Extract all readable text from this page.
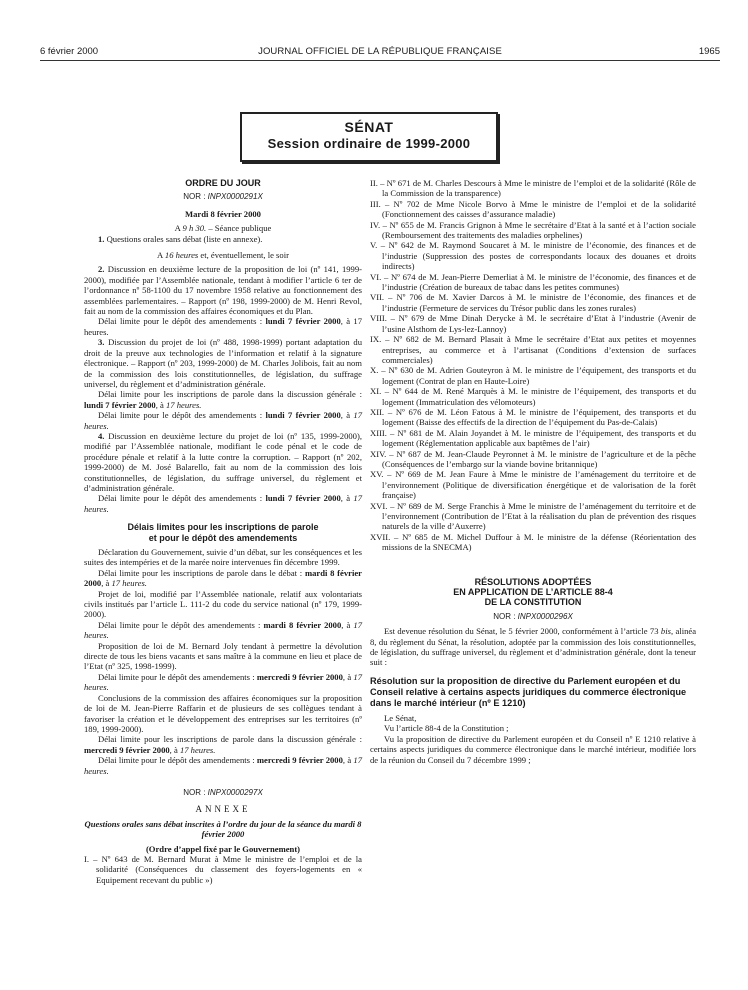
6 février 2000	JOURNAL OFFICIEL DE LA RÉPUBLIQUE FRANÇAISE	1965
SÉNAT
Session ordinaire de 1999-2000
ORDRE DU JOUR
NOR : INPX0000291X

Mardi 8 février 2000

A 9 h 30. – Séance publique

1. Questions orales sans débat (liste en annexe).

A 16 heures et, éventuellement, le soir

2. Discussion en deuxième lecture de la proposition de loi (nº 141, 1999-2000), modifiée par l’Assemblée nationale, tendant à modifier l’article 6 ter de l’ordonnance nº 58-1100 du 17 novembre 1958 relative au fonctionnement des assemblées parlementaires. – Rapport (nº 198, 1999-2000) de M. Henri Revol, fait au nom de la commission des affaires économiques et du Plan.

Délai limite pour le dépôt des amendements : lundi 7 février 2000, à 17 heures.

3. Discussion du projet de loi (nº 488, 1998-1999) portant adaptation du droit de la preuve aux technologies de l’information et relatif à la signature électronique. – Rapport (nº 203, 1999-2000) de M. Charles Jolibois, fait au nom de la commission des lois constitutionnelles, de législation, du suffrage universel, du règlement et d’administration générale.

Délai limite pour les inscriptions de parole dans la discussion générale : lundi 7 février 2000, à 17 heures.

Délai limite pour le dépôt des amendements : lundi 7 février 2000, à 17 heures.

4. Discussion en deuxième lecture du projet de loi (nº 135, 1999-2000), modifié par l’Assemblée nationale, modifiant le code pénal et le code de procédure pénale et relatif à la lutte contre la corruption. – Rapport (nº 202, 1999-2000) de M. José Balarello, fait au nom de la commission des lois constitutionnelles, de législation, du suffrage universel, du règlement et d’administration générale.

Délai limite pour le dépôt des amendements : lundi 7 février 2000, à 17 heures.

Délais limites pour les inscriptions de parole
et pour le dépôt des amendements

Déclaration du Gouvernement, suivie d’un débat, sur les conséquences et les suites des intempéries et de la marée noire intervenues fin décembre 1999.

Délai limite pour les inscriptions de parole dans le débat : mardi 8 février 2000, à 17 heures.

Projet de loi, modifié par l’Assemblée nationale, relatif aux volontariats civils institués par l’article L. 111-2 du code du service national (nº 179, 1999-2000).

Délai limite pour le dépôt des amendements : mardi 8 février 2000, à 17 heures.

Proposition de loi de M. Bernard Joly tendant à permettre la dévolution directe de tous les biens vacants et sans maître à la commune en lieu et place de l’Etat (nº 325, 1998-1999).

Délai limite pour le dépôt des amendements : mercredi 9 février 2000, à 17 heures.

Conclusions de la commission des affaires économiques sur la proposition de loi de M. Jean-Pierre Raffarin et de plusieurs de ses collègues tendant à favoriser la création et le développement des entreprises sur les territoires (nº 189, 1999-2000).

Délai limite pour les inscriptions de parole dans la discussion générale : mercredi 9 février 2000, à 17 heures.

Délai limite pour le dépôt des amendements : mercredi 9 février 2000, à 17 heures.

NOR : INPX0000297X
ANNEXE

Questions orales sans débat inscrites à l’ordre du jour de la séance du mardi 8 février 2000

(Ordre d’appel fixé par le Gouvernement)

I. – Nº 643 de M. Bernard Murat à Mme le ministre de l’emploi et de la solidarité (Conséquences du classement des foyers-logements en « Equipement recevant du public »)

II. – Nº 671 de M. Charles Descours à Mme le ministre de l’emploi et de la solidarité (Rôle de la Commission de la transparence)

III. – Nº 702 de Mme Nicole Borvo à Mme le ministre de l’emploi et de la solidarité (Fonctionnement des caisses d’assurance maladie)

IV. – Nº 655 de M. Francis Grignon à Mme le secrétaire d’Etat à la santé et à l’action sociale (Remboursement des traitements des maladies orphelines)

V. – Nº 642 de M. Raymond Soucaret à M. le ministre de l’économie, des finances et de l’industrie (Suppression des postes de correspondants locaux des douanes et droits indirects)

VI. – Nº 674 de M. Jean-Pierre Demerliat à M. le ministre de l’économie, des finances et de l’industrie (Création de bureaux de tabac dans les petites communes)

VII. – Nº 706 de M. Xavier Darcos à M. le ministre de l’économie, des finances et de l’industrie (Fermeture de services du Trésor public dans les zones rurales)

VIII. – Nº 679 de Mme Dinah Derycke à M. le secrétaire d’Etat à l’industrie (Avenir de l’usine Alsthom de Lys-lez-Lannoy)

IX. – Nº 682 de M. Bernard Plasait à Mme le secrétaire d’Etat aux petites et moyennes entreprises, au commerce et à l’artisanat (Conditions d’extension de surfaces commerciales)

X. – Nº 630 de M. Adrien Gouteyron à M. le ministre de l’équipement, des transports et du logement (Contrat de plan en Haute-Loire)

XI. – Nº 644 de M. René Marquès à M. le ministre de l’équipement, des transports et du logement (Immatriculation des vélomoteurs)

XII. – Nº 676 de M. Léon Fatous à M. le ministre de l’équipement, des transports et du logement (Baisse des effectifs de la direction de l’équipement du Pas-de-Calais)

XIII. – Nº 681 de M. Alain Joyandet à M. le ministre de l’équipement, des transports et du logement (Réglementation applicable aux baptêmes de l’air)

XIV. – Nº 687 de M. Jean-Claude Peyronnet à M. le ministre de l’agriculture et de la pêche (Conséquences de l’embargo sur la viande bovine britannique)

XV. – Nº 669 de M. Jean Faure à Mme le ministre de l’aménagement du territoire et de l’environnement (Politique de diversification énergétique et de valorisation de la forêt française)

XVI. – Nº 689 de M. Serge Franchis à Mme le ministre de l’aménagement du territoire et de l’environnement (Contribution de l’Etat à la réalisation du plan de prévention des risques naturels de la ville d’Auxerre)

XVII. – Nº 685 de M. Michel Duffour à M. le ministre de la défense (Réorientation des missions de la SNECMA)

RÉSOLUTIONS ADOPTÉES
EN APPLICATION DE L’ARTICLE 88-4
DE LA CONSTITUTION
NOR : INPX0000296X

Est devenue résolution du Sénat, le 5 février 2000, conformément à l’article 73 bis, alinéa 8, du règlement du Sénat, la résolution, adoptée par la commission des lois constitutionnelles, de législation, du suffrage universel, du règlement et d’administration générale, dont la teneur suit :

Résolution sur la proposition de directive du Parlement européen et du Conseil relative à certains aspects juridiques du commerce électronique dans le marché intérieur (nº E 1210)

Le Sénat,

Vu l’article 88-4 de la Constitution ;

Vu la proposition de directive du Parlement européen et du Conseil nº E 1210 relative à certains aspects juridiques du commerce électronique dans le marché intérieur, modifiée lors de la réunion du Conseil du 7 décembre 1999 ;
